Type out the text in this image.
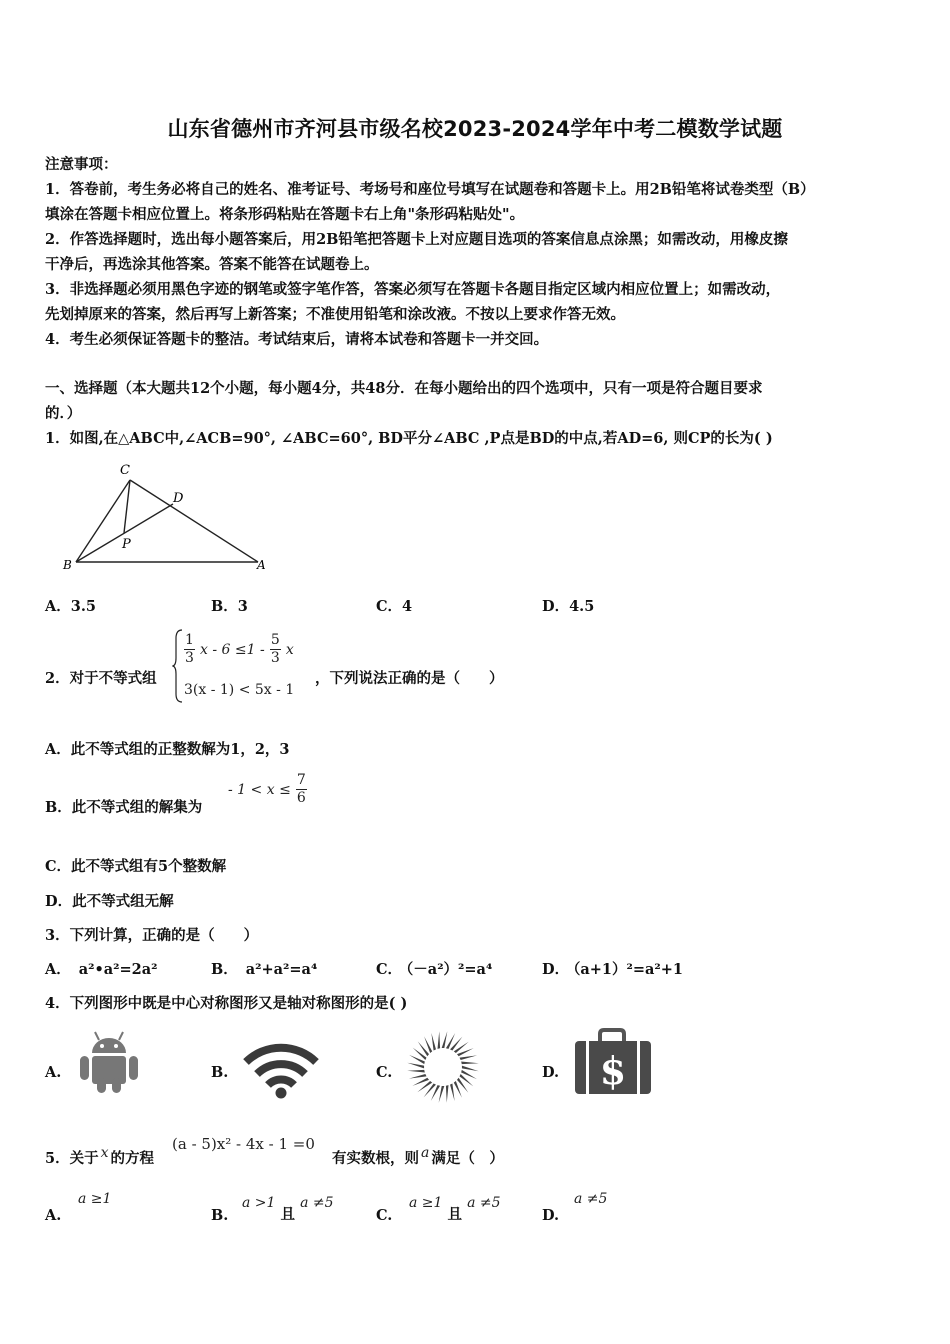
山东省德州市齐河县市级名校2023-2024学年中考二模数学试题
注意事项：
1．答卷前，考生务必将自己的姓名、准考证号、考场号和座位号填写在试题卷和答题卡上。用2B铅笔将试卷类型（B）
填涂在答题卡相应位置上。将条形码粘贴在答题卡右上角"条形码粘贴处"。
2．作答选择题时，选出每小题答案后，用2B铅笔把答题卡上对应题目选项的答案信息点涂黑；如需改动，用橡皮擦
干净后，再选涂其他答案。答案不能答在试题卷上。
3．非选择题必须用黑色字迹的钢笔或签字笔作答，答案必须写在答题卡各题目指定区域内相应位置上；如需改动，
先划掉原来的答案，然后再写上新答案；不准使用铅笔和涂改液。不按以上要求作答无效。
4．考生必须保证答题卡的整洁。考试结束后，请将本试卷和答题卡一并交回。
一、选择题（本大题共12个小题，每小题4分，共48分．在每小题给出的四个选项中，只有一项是符合题目要求
的．）
1．如图,在△ABC中,∠ACB=90°, ∠ABC=60°, BD平分∠ABC ,P点是BD的中点,若AD=6, 则CP的长为( )
C
D
P
B	A
A．3.5	B．3	C．4	D．4.5
2．对于不等式组
$\frac{1}{3}$ $x - 6 \le 1 - \frac{5}{3}$ x
3(x - 1) < 5x - 1
，下列说法正确的是（　　）
A．此不等式组的正整数解为1，2，3
B．此不等式组的解集为
- $1 < x \le \frac{7}{6}$
C．此不等式组有5个整数解
D．此不等式组无解
3．下列计算，正确的是（　　）
A． a²•a²=2a²	B． a²+a²=a⁴	C． （－a²）²=a⁴	D． （a+1）²=a²+1
4．下列图形中既是中心对称图形又是轴对称图形的是( )
A.	B.	C.	D. $
5．关于 x 的方程
(a - 5)x² - 4x - 1 =0
有实数根，则 a 满足（　）
A.
a ≥1
B.
a >1 且 a ≠5
C.
a ≥1 且 a ≠5
D.
a ≠5
